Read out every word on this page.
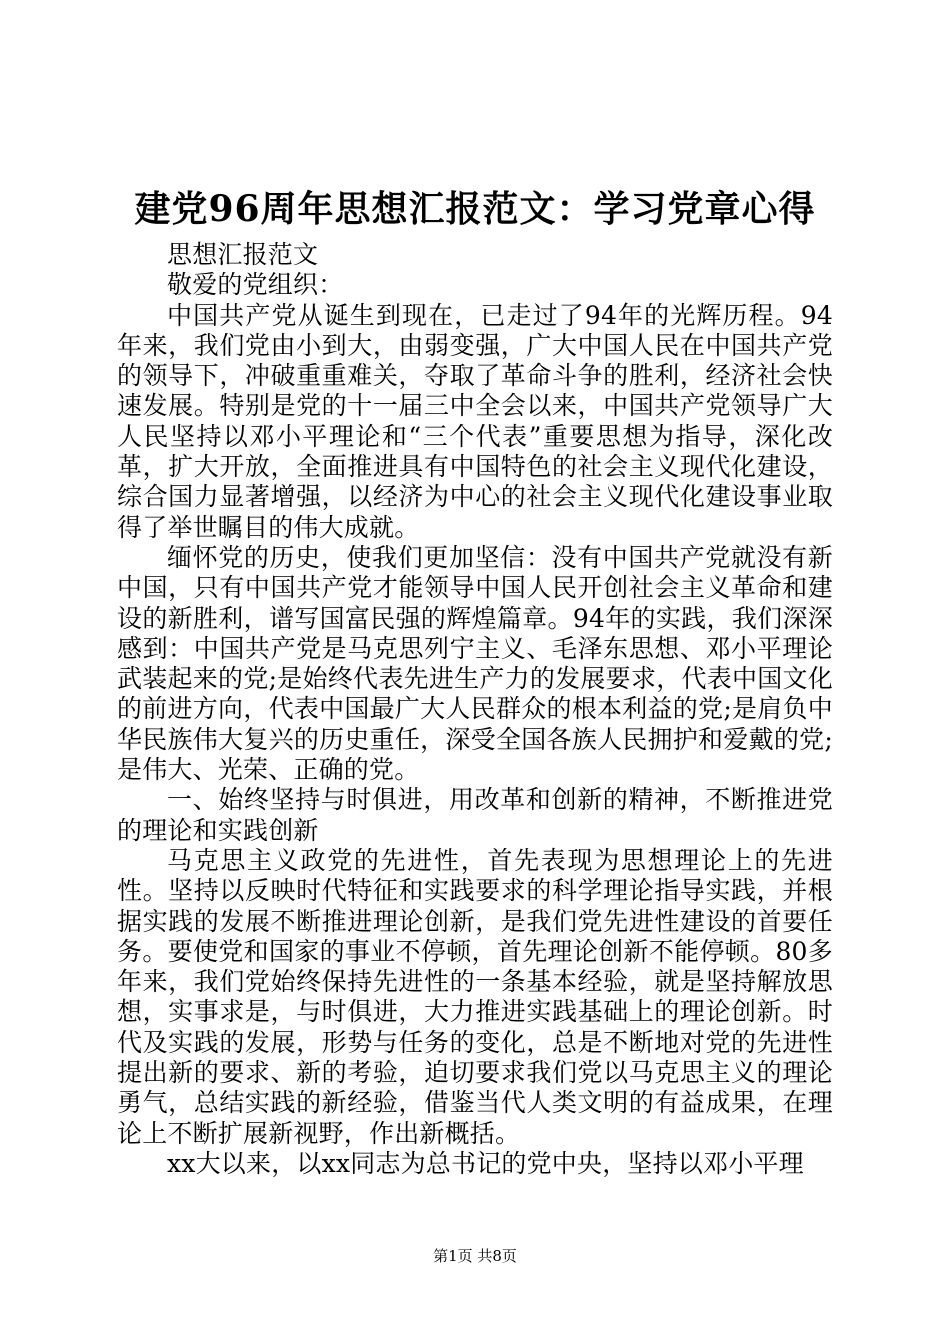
建党96周年思想汇报范文：学习党章心得

思想汇报范文

敬爱的党组织：

中国共产党从诞生到现在，已走过了94年的光辉历程。94年来，我们党由小到大，由弱变强，广大中国人民在中国共产党的领导下，冲破重重难关，夺取了革命斗争的胜利，经济社会快速发展。特别是党的十一届三中全会以来，中国共产党领导广大人民坚持以邓小平理论和“三个代表”重要思想为指导，深化改革，扩大开放，全面推进具有中国特色的社会主义现代化建设，综合国力显著增强，以经济为中心的社会主义现代化建设事业取得了举世瞩目的伟大成就。

缅怀党的历史，使我们更加坚信：没有中国共产党就没有新中国，只有中国共产党才能领导中国人民开创社会主义革命和建设的新胜利，谱写国富民强的辉煌篇章。94年的实践，我们深深感到：中国共产党是马克思列宁主义、毛泽东思想、邓小平理论武装起来的党;是始终代表先进生产力的发展要求，代表中国文化的前进方向，代表中国最广大人民群众的根本利益的党;是肩负中华民族伟大复兴的历史重任，深受全国各族人民拥护和爱戴的党;是伟大、光荣、正确的党。

一、始终坚持与时俱进，用改革和创新的精神，不断推进党的理论和实践创新

马克思主义政党的先进性，首先表现为思想理论上的先进性。坚持以反映时代特征和实践要求的科学理论指导实践，并根据实践的发展不断推进理论创新，是我们党先进性建设的首要任务。要使党和国家的事业不停顿，首先理论创新不能停顿。80多年来，我们党始终保持先进性的一条基本经验，就是坚持解放思想，实事求是，与时俱进，大力推进实践基础上的理论创新。时代及实践的发展，形势与任务的变化，总是不断地对党的先进性提出新的要求、新的考验，迫切要求我们党以马克思主义的理论勇气，总结实践的新经验，借鉴当代人类文明的有益成果，在理论上不断扩展新视野，作出新概括。

xx大以来，以xx同志为总书记的党中央，坚持以邓小平理

第1页 共8页
